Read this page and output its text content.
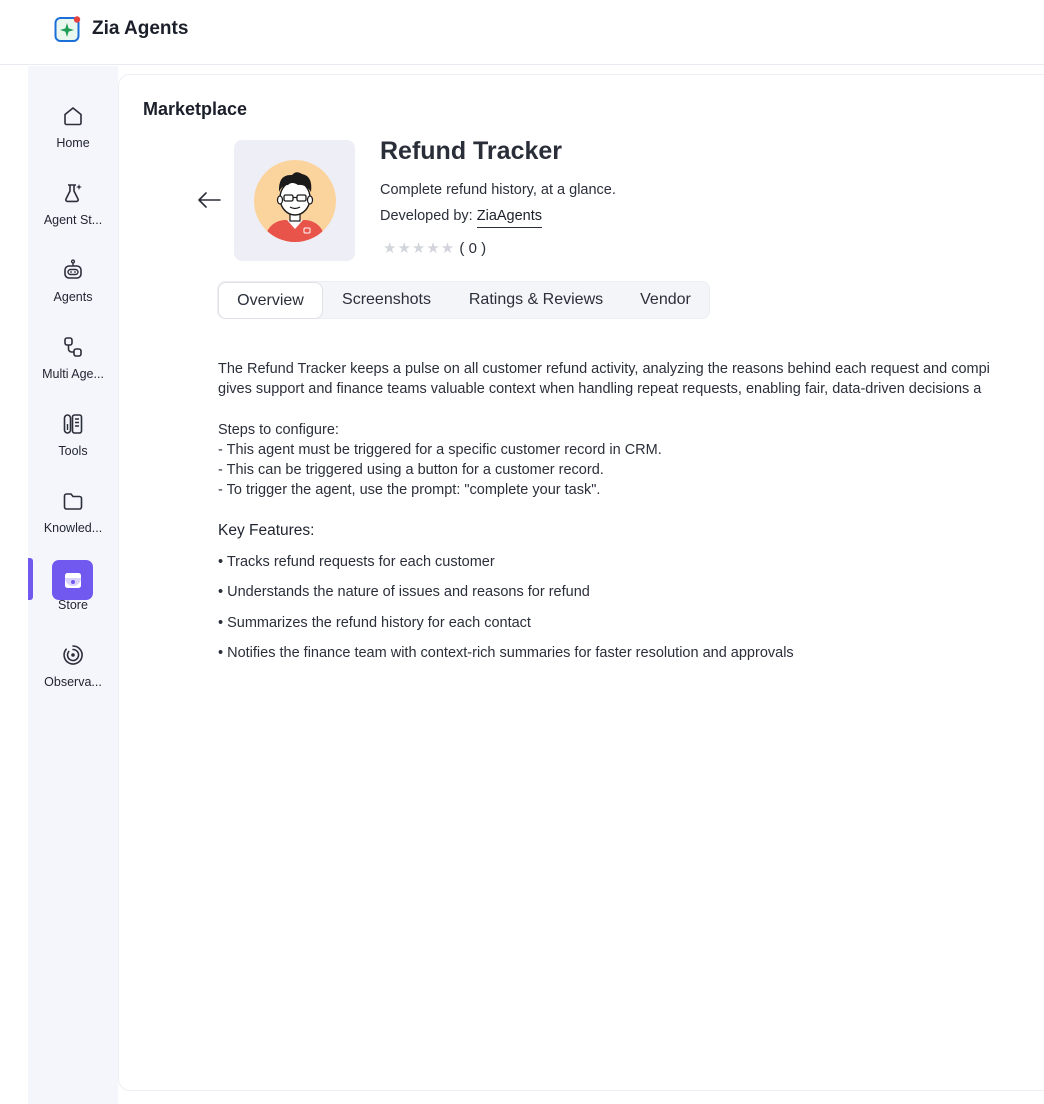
Zia Agents
Home
Agent St...
Agents
Multi Age...
Tools
Knowled...
Store
Observa...
Marketplace
Refund Tracker
Complete refund history, at a glance.
Developed by: ZiaAgents
★★★★★ ( 0 )
Overview	Screenshots	Ratings & Reviews	Vendor
The Refund Tracker keeps a pulse on all customer refund activity, analyzing the reasons behind each request and compi
gives support and finance teams valuable context when handling repeat requests, enabling fair, data-driven decisions a
Steps to configure:
- This agent must be triggered for a specific customer record in CRM.
- This can be triggered using a button for a customer record.
- To trigger the agent, use the prompt: "complete your task".
Key Features:
• Tracks refund requests for each customer
• Understands the nature of issues and reasons for refund
• Summarizes the refund history for each contact
• Notifies the finance team with context-rich summaries for faster resolution and approvals
